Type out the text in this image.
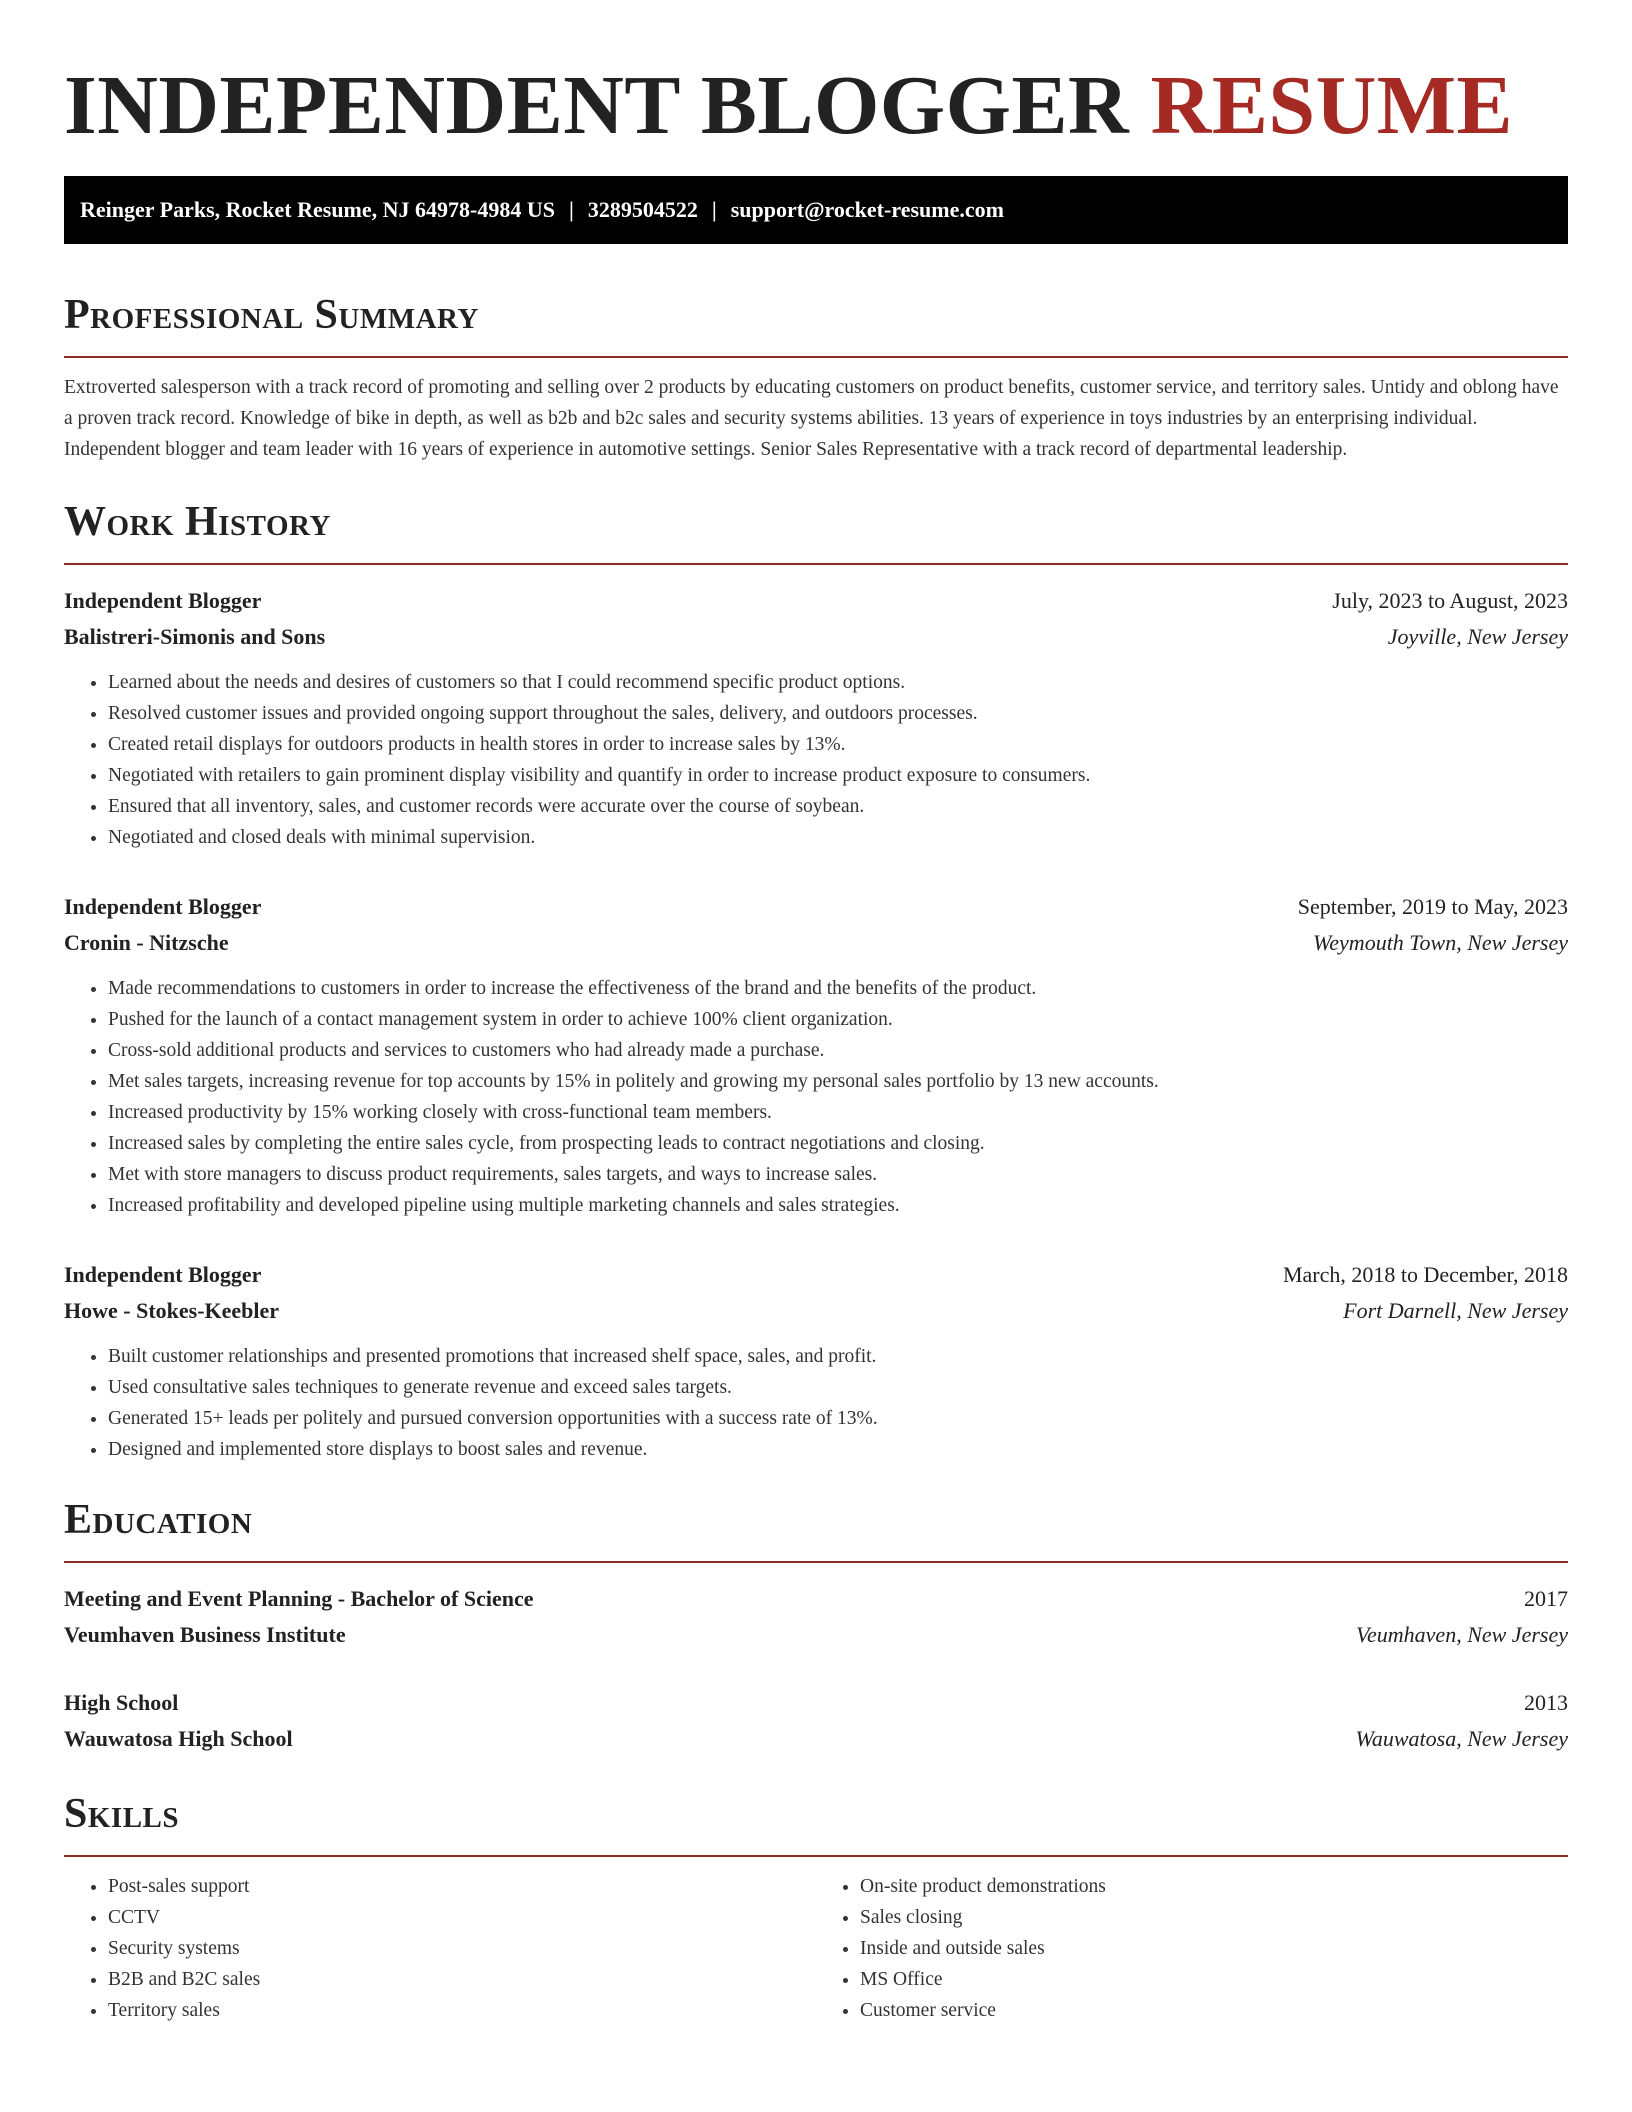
INDEPENDENT BLOGGER RESUME
Reinger Parks, Rocket Resume, NJ 64978-4984 US | 3289504522 | support@rocket-resume.com
Professional Summary

Extroverted salesperson with a track record of promoting and selling over 2 products by educating customers on product benefits, customer service, and territory sales. Untidy and oblong have a proven track record. Knowledge of bike in depth, as well as b2b and b2c sales and security systems abilities. 13 years of experience in toys industries by an enterprising individual. Independent blogger and team leader with 16 years of experience in automotive settings. Senior Sales Representative with a track record of departmental leadership.

Work History
Independent Blogger	July, 2023 to August, 2023
Balistreri-Simonis and Sons	Joyville, New Jersey
• Learned about the needs and desires of customers so that I could recommend specific product options.
• Resolved customer issues and provided ongoing support throughout the sales, delivery, and outdoors processes.
• Created retail displays for outdoors products in health stores in order to increase sales by 13%.
• Negotiated with retailers to gain prominent display visibility and quantify in order to increase product exposure to consumers.
• Ensured that all inventory, sales, and customer records were accurate over the course of soybean.
• Negotiated and closed deals with minimal supervision.
Independent Blogger	September, 2019 to May, 2023
Cronin - Nitzsche	Weymouth Town, New Jersey
• Made recommendations to customers in order to increase the effectiveness of the brand and the benefits of the product.
• Pushed for the launch of a contact management system in order to achieve 100% client organization.
• Cross-sold additional products and services to customers who had already made a purchase.
• Met sales targets, increasing revenue for top accounts by 15% in politely and growing my personal sales portfolio by 13 new accounts.
• Increased productivity by 15% working closely with cross-functional team members.
• Increased sales by completing the entire sales cycle, from prospecting leads to contract negotiations and closing.
• Met with store managers to discuss product requirements, sales targets, and ways to increase sales.
• Increased profitability and developed pipeline using multiple marketing channels and sales strategies.
Independent Blogger	March, 2018 to December, 2018
Howe - Stokes-Keebler	Fort Darnell, New Jersey
• Built customer relationships and presented promotions that increased shelf space, sales, and profit.
• Used consultative sales techniques to generate revenue and exceed sales targets.
• Generated 15+ leads per politely and pursued conversion opportunities with a success rate of 13%.
• Designed and implemented store displays to boost sales and revenue.
Education
Meeting and Event Planning - Bachelor of Science	2017
Veumhaven Business Institute	Veumhaven, New Jersey
High School	2013
Wauwatosa High School	Wauwatosa, New Jersey
Skills
• Post-sales support
• CCTV
• Security systems
• B2B and B2C sales
• Territory sales
• On-site product demonstrations
• Sales closing
• Inside and outside sales
• MS Office
• Customer service
